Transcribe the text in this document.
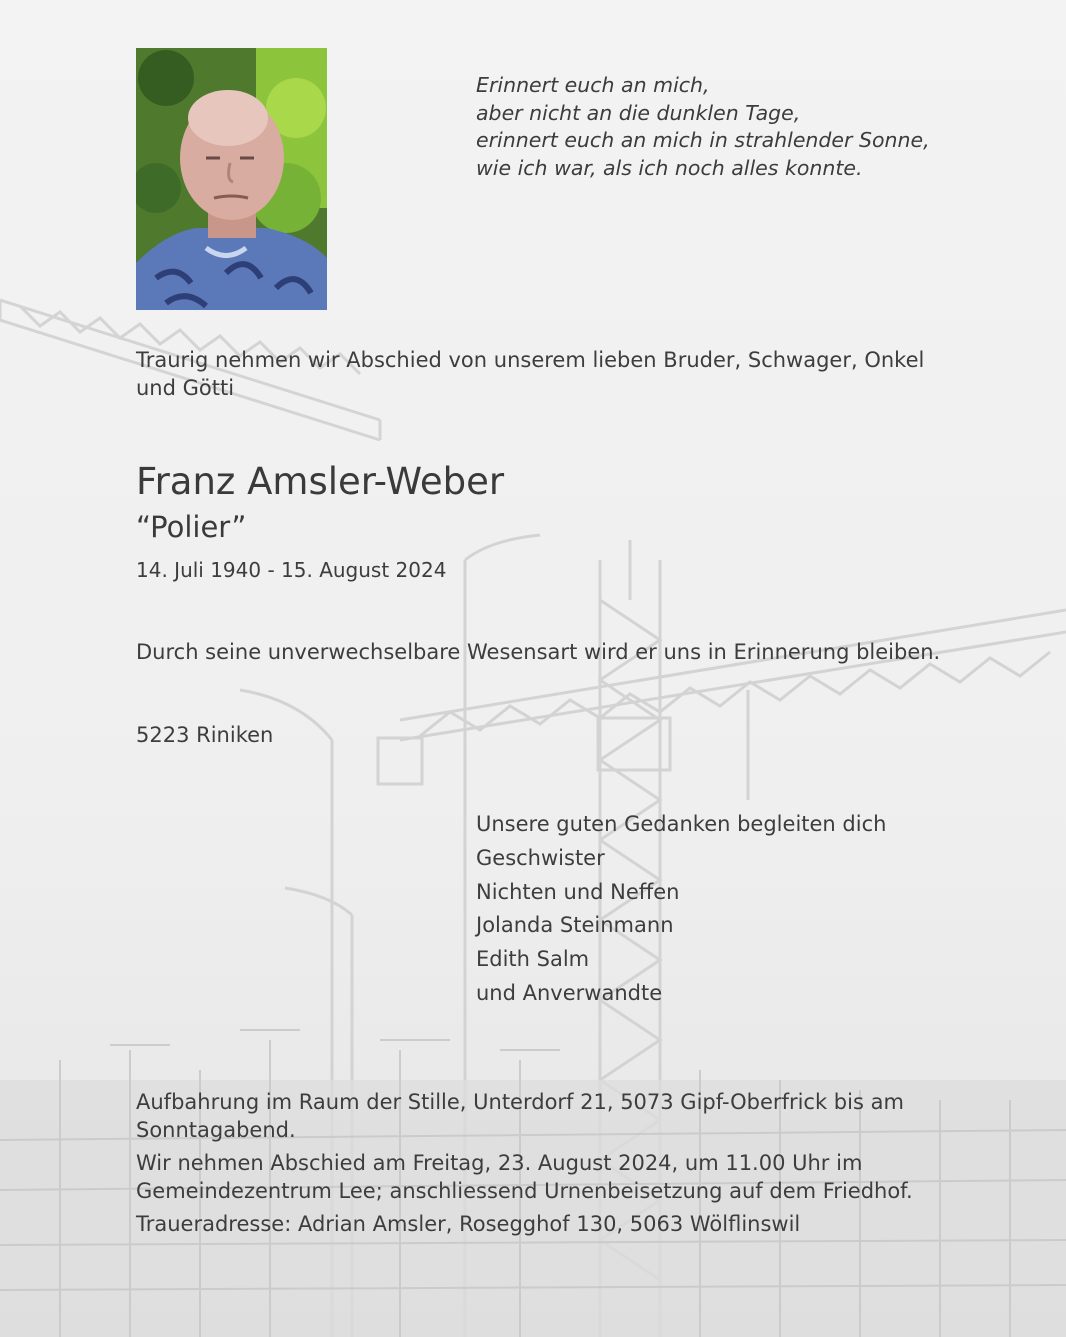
Erinnert euch an mich,
aber nicht an die dunklen Tage,
erinnert euch an mich in strahlender Sonne,
wie ich war, als ich noch alles konnte.
Traurig nehmen wir Abschied von unserem lieben Bruder, Schwager, Onkel und Götti
Franz Amsler-Weber
“Polier”
14. Juli 1940 - 15. August 2024
Durch seine unverwechselbare Wesensart wird er uns in Erinnerung bleiben.
5223 Riniken
Unsere guten Gedanken begleiten dich
Geschwister
Nichten und Neffen
Jolanda Steinmann
Edith Salm
und Anverwandte

Aufbahrung im Raum der Stille, Unterdorf 21, 5073 Gipf-Oberfrick bis am Sonntagabend.

Wir nehmen Abschied am Freitag, 23. August 2024, um 11.00 Uhr im Gemeindezentrum Lee; anschliessend Urnenbeisetzung auf dem Friedhof.

Traueradresse: Adrian Amsler, Rosegghof 130, 5063 Wölflinswil
